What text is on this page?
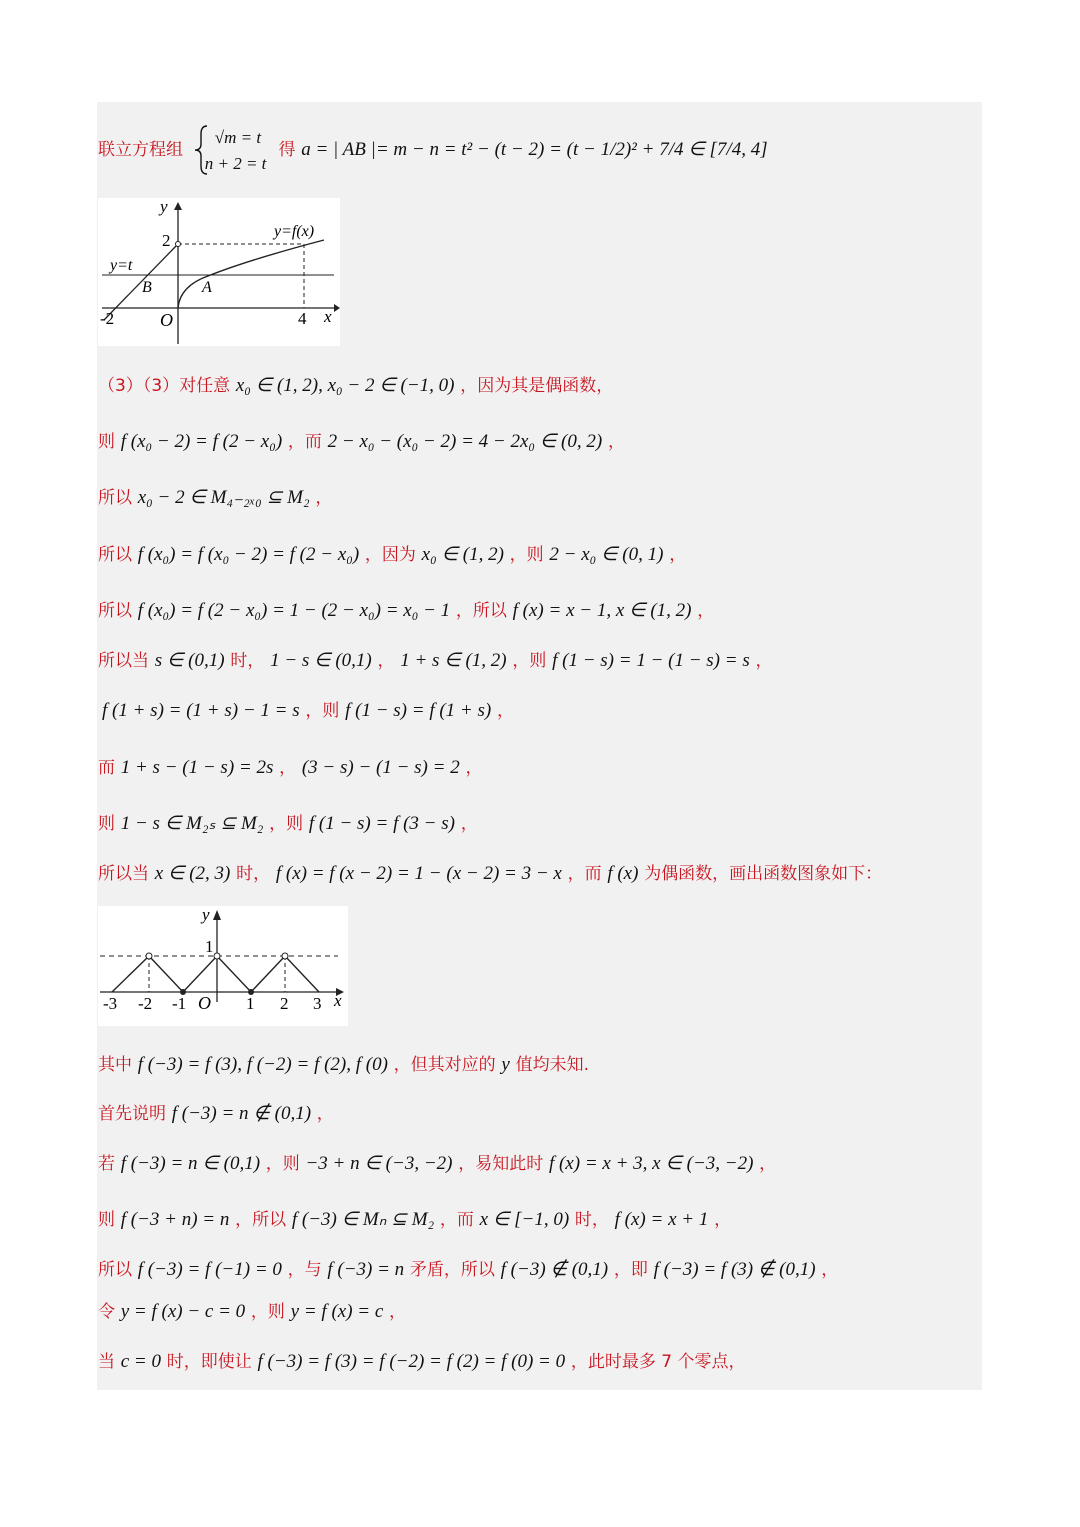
联立方程组
√m = t
n + 2 = t
得 a = | AB |= m − n = t² − (t − 2) = (t − 1/2)² + 7/4 ∈ [7/4, 4]
y
x
O
y=f(x)
y=t
B	A
2
-2	4
（3）（3）对任意 x₀ ∈ (1, 2), x₀ − 2 ∈ (−1, 0) ，因为其是偶函数，
则 f (x₀ − 2) = f (2 − x₀) ，而 2 − x₀ − (x₀ − 2) = 4 − 2x₀ ∈ (0, 2) ，
所以 x₀ − 2 ∈ M₄₋₂ₓ₀ ⊆ M₂ ，
所以 f (x₀) = f (x₀ − 2) = f (2 − x₀) ，因为 x₀ ∈ (1, 2) ，则 2 − x₀ ∈ (0, 1) ，
所以 f (x₀) = f (2 − x₀) = 1 − (2 − x₀) = x₀ − 1 ，所以 f (x) = x − 1, x ∈ (1, 2) ，
所以当 s ∈ (0,1) 时， 1 − s ∈ (0,1) ， 1 + s ∈ (1, 2) ，则 f (1 − s) = 1 − (1 − s) = s ，
f (1 + s) = (1 + s) − 1 = s ，则 f (1 − s) = f (1 + s) ，
而 1 + s − (1 − s) = 2s ， (3 − s) − (1 − s) = 2 ，
则 1 − s ∈ M₂ₛ ⊆ M₂ ，则 f (1 − s) = f (3 − s) ，
所以当 x ∈ (2, 3) 时， f (x) = f (x − 2) = 1 − (x − 2) = 3 − x ，而 f (x) 为偶函数，画出函数图象如下：
y
x
O
1
-3 -2 -1	1 2 3
其中 f (−3) = f (3), f (−2) = f (2), f (0) ，但其对应的 y 值均未知.
首先说明 f (−3) = n ∉ (0,1) ，
若 f (−3) = n ∈ (0,1) ，则 −3 + n ∈ (−3, −2) ，易知此时 f (x) = x + 3, x ∈ (−3, −2) ，
则 f (−3 + n) = n ，所以 f (−3) ∈ Mₙ ⊆ M₂ ，而 x ∈ [−1, 0) 时， f (x) = x + 1 ，
所以 f (−3) = f (−1) = 0 ，与 f (−3) = n 矛盾，所以 f (−3) ∉ (0,1) ，即 f (−3) = f (3) ∉ (0,1) ，
令 y = f (x) − c = 0 ，则 y = f (x) = c ，
当 c = 0 时，即使让 f (−3) = f (3) = f (−2) = f (2) = f (0) = 0 ，此时最多 7 个零点，
